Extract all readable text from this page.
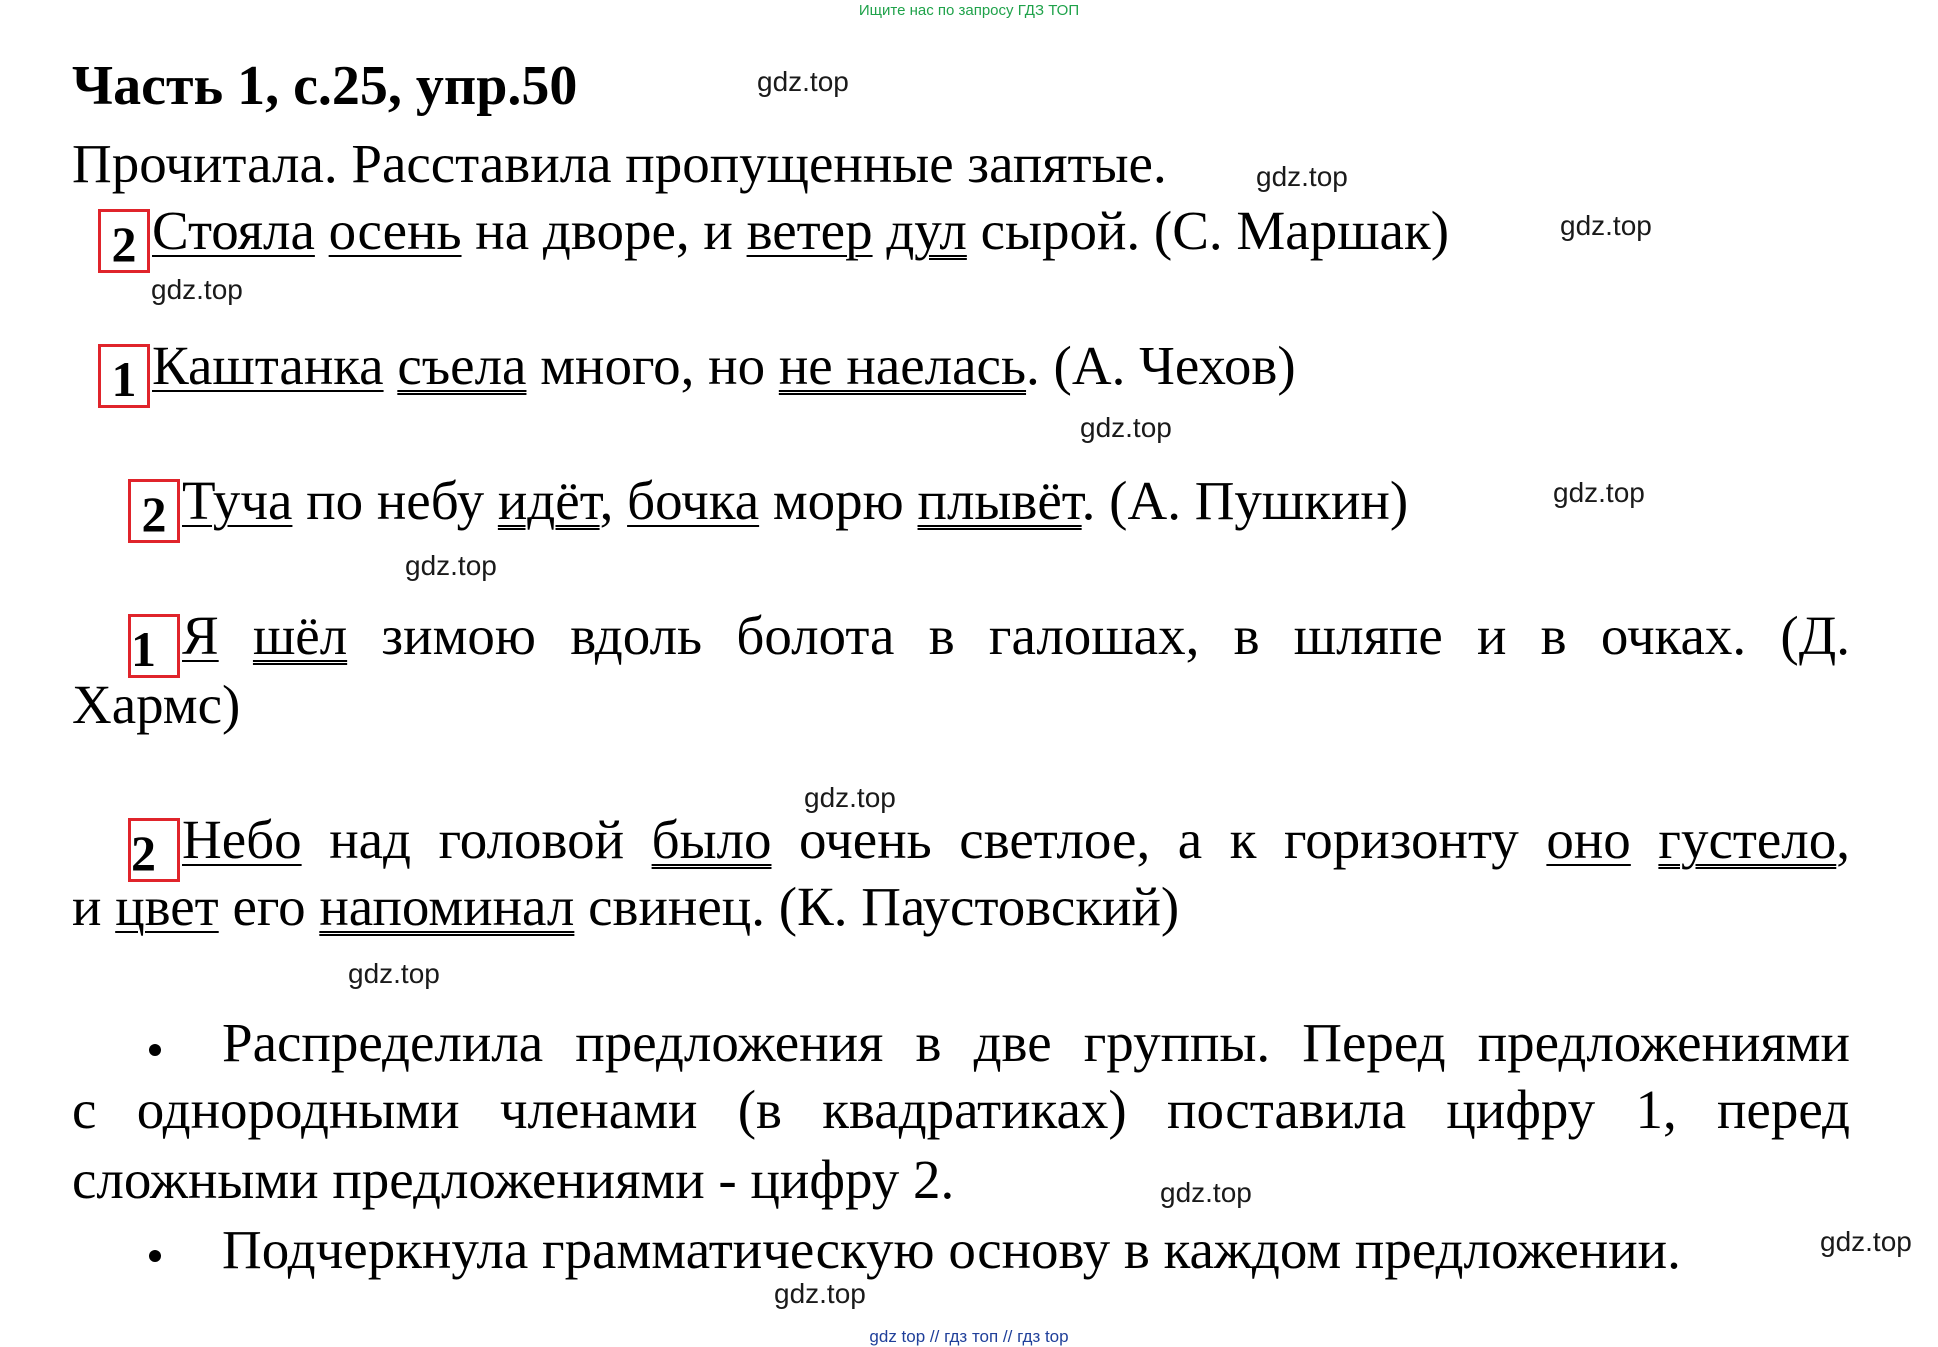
Ищите нас по запросу ГДЗ ТОП
Часть 1, с.25, упр.50	gdz.top
Прочитала. Расставила пропущенные запятые.	gdz.top
2 Стояла осень на дворе, и ветер дул сырой. (С. Маршак)	gdz.top
gdz.top
1 Каштанка съела много, но не наелась. (А. Чехов)
gdz.top
2 Туча по небу идёт, бочка морю плывёт. (А. Пушкин)	gdz.top
gdz.top
1 Я шёл зимою вдоль болота в галошах, в шляпе и в очках. (Д.
Хармс)
gdz.top
2 Небо над головой было очень светлое, а к горизонту оно густело,
и цвет его напоминал свинец. (К. Паустовский)
gdz.top
Распределила предложения в две группы. Перед предложениями
с однородными членами (в квадратиках) поставила цифру 1, перед
сложными предложениями - цифру 2.	gdz.top
Подчеркнула грамматическую основу в каждом предложении.	gdz.top
gdz.top
gdz top // гдз топ // гдз top
